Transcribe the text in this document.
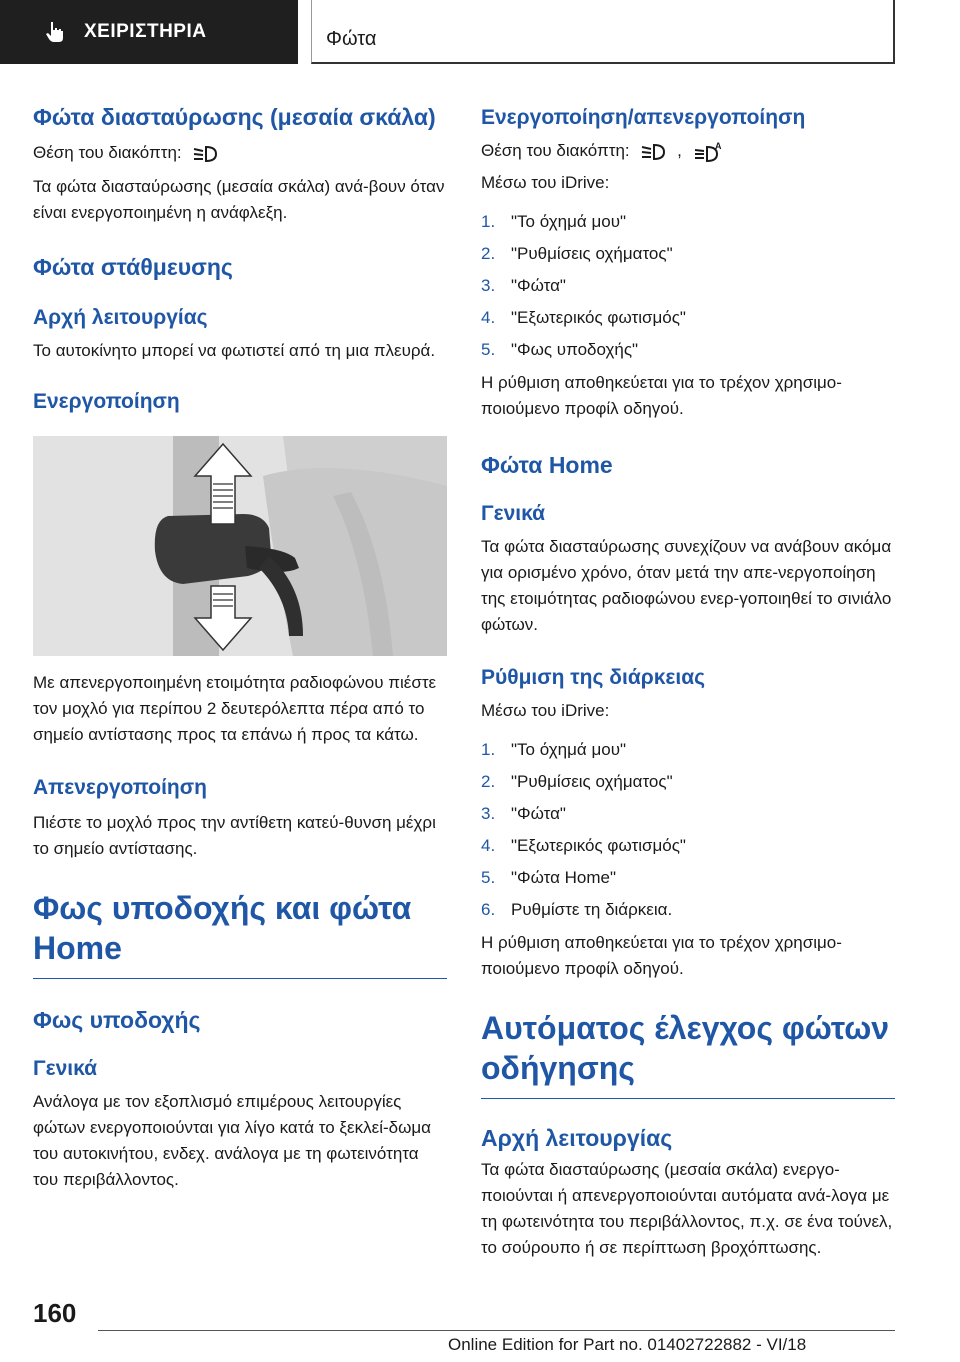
ΧΕΙΡΙΣΤΗΡΙΑ	Φώτα
Φώτα διασταύρωσης (μεσαία σκάλα)

Θέση του διακόπτη:

Τα φώτα διασταύρωσης (μεσαία σκάλα) ανά-βουν όταν είναι ενεργοποιημένη η ανάφλεξη.

Φώτα στάθμευσης
Αρχή λειτουργίας

Το αυτοκίνητο μπορεί να φωτιστεί από τη μια πλευρά.

Ενεργοποίηση

Με απενεργοποιημένη ετοιμότητα ραδιοφώνου πιέστε τον μοχλό για περίπου 2 δευτερόλεπτα πέρα από το σημείο αντίστασης προς τα επάνω ή προς τα κάτω.

Απενεργοποίηση

Πιέστε το μοχλό προς την αντίθετη κατεύ-θυνση μέχρι το σημείο αντίστασης.

Φως υποδοχής και φώτα Home
Φως υποδοχής
Γενικά

Ανάλογα με τον εξοπλισμό επιμέρους λειτουργίες φώτων ενεργοποιούνται για λίγο κατά το ξεκλεί-δωμα του αυτοκινήτου, ενδεχ. ανάλογα με τη φωτεινότητα του περιβάλλοντος.

Ενεργοποίηση/απενεργοποίηση

Θέση του διακόπτη:	,	A

Μέσω του iDrive:

1. "Το όχημά μου"
2. "Ρυθμίσεις οχήματος"
3. "Φώτα"
4. "Εξωτερικός φωτισμός"
5. "Φως υποδοχής"

Η ρύθμιση αποθηκεύεται για το τρέχον χρησιμο-ποιούμενο προφίλ οδηγού.

Φώτα Home
Γενικά

Τα φώτα διασταύρωσης συνεχίζουν να ανάβουν ακόμα για ορισμένο χρόνο, όταν μετά την απε-νεργοποίηση της ετοιμότητας ραδιοφώνου ενερ-γοποιηθεί το σινιάλο φώτων.

Ρύθμιση της διάρκειας

Μέσω του iDrive:

1. "Το όχημά μου"
2. "Ρυθμίσεις οχήματος"
3. "Φώτα"
4. "Εξωτερικός φωτισμός"
5. "Φώτα Home"
6. Ρυθμίστε τη διάρκεια.

Η ρύθμιση αποθηκεύεται για το τρέχον χρησιμο-ποιούμενο προφίλ οδηγού.

Αυτόματος έλεγχος φώτων οδήγησης
Αρχή λειτουργίας

Τα φώτα διασταύρωσης (μεσαία σκάλα) ενεργο-ποιούνται ή απενεργοποιούνται αυτόματα ανά-λογα με τη φωτεινότητα του περιβάλλοντος, π.χ. σε ένα τούνελ, το σούρουπο ή σε περίπτωση βροχόπτωσης.

160
Online Edition for Part no. 01402722882 - VI/18
